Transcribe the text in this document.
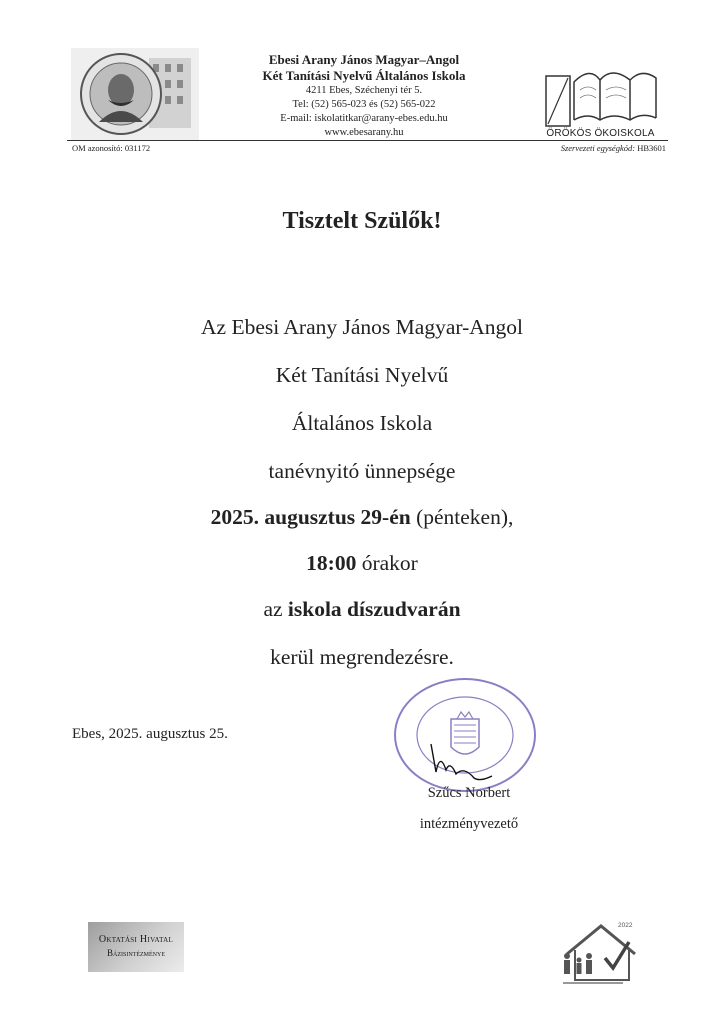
Ebesi Arany János Magyar–Angol
Két Tanítási Nyelvű Általános Iskola
4211 Ebes, Széchenyi tér 5.
Tel: (52) 565-023 és (52) 565-022
E-mail: iskolatitkar@arany-ebes.edu.hu
www.ebesarany.hu	ÖRÖKÖS ÖKOISKOLA
OM azonosító: 031172	Szervezeti egységkód: HB3601
Tisztelt Szülők!
Az Ebesi Arany János Magyar-Angol
Két Tanítási Nyelvű
Általános Iskola
tanévnyitó ünnepsége
2025. augusztus 29-én (pénteken),
18:00 órakor
az iskola díszudvarán
kerül megrendezésre.
Ebes, 2025. augusztus 25.
Szűcs Norbert
intézményvezető
Oktatási Hivatal
Bázisintézménye
2022
